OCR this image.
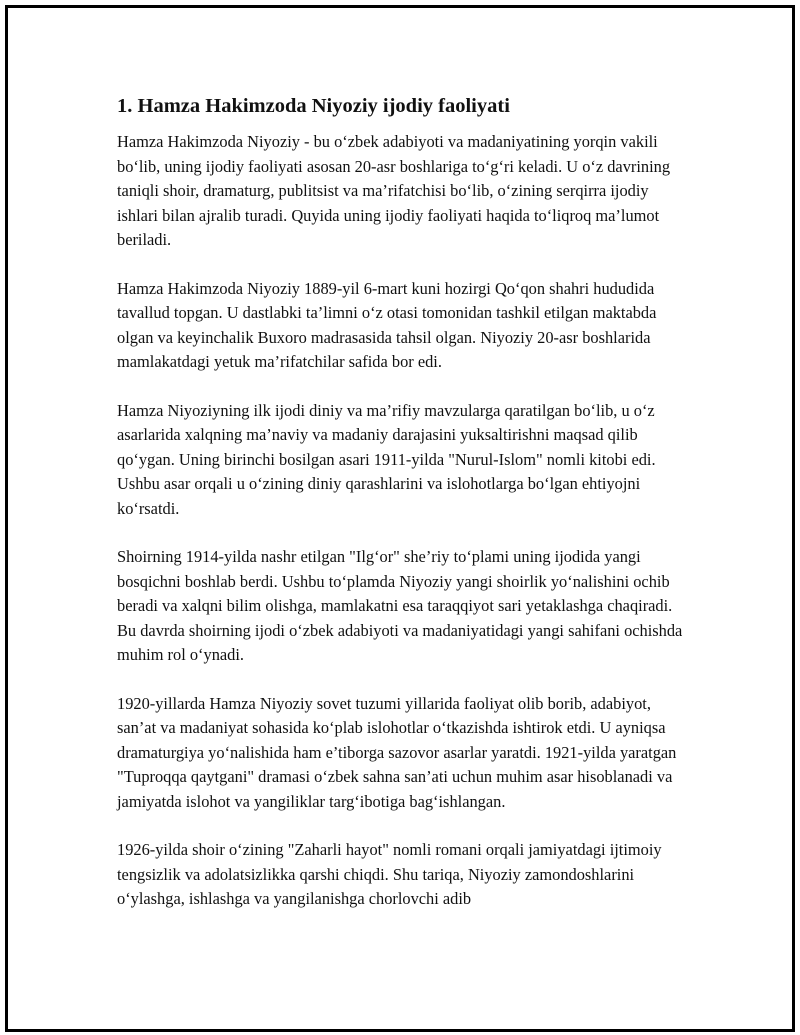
1. Hamza Hakimzoda Niyoziy ijodiy faoliyati

Hamza Hakimzoda Niyoziy - bu o‘zbek adabiyoti va madaniyatining yorqin vakili bo‘lib, uning ijodiy faoliyati asosan 20-asr boshlariga to‘g‘ri keladi. U o‘z davrining taniqli shoir, dramaturg, publitsist va ma’rifatchisi bo‘lib, o‘zining serqirra ijodiy ishlari bilan ajralib turadi. Quyida uning ijodiy faoliyati haqida to‘liqroq ma’lumot beriladi.

Hamza Hakimzoda Niyoziy 1889-yil 6-mart kuni hozirgi Qo‘qon shahri hududida tavallud topgan. U dastlabki ta’limni o‘z otasi tomonidan tashkil etilgan maktabda olgan va keyinchalik Buxoro madrasasida tahsil olgan. Niyoziy 20-asr boshlarida mamlakatdagi yetuk ma’rifatchilar safida bor edi.

Hamza Niyoziyning ilk ijodi diniy va ma’rifiy mavzularga qaratilgan bo‘lib, u o‘z asarlarida xalqning ma’naviy va madaniy darajasini yuksaltirishni maqsad qilib qo‘ygan. Uning birinchi bosilgan asari 1911-yilda "Nurul-Islom" nomli kitobi edi. Ushbu asar orqali u o‘zining diniy qarashlarini va islohotlarga bo‘lgan ehtiyojni ko‘rsatdi.

Shoirning 1914-yilda nashr etilgan "Ilg‘or" she’riy to‘plami uning ijodida yangi bosqichni boshlab berdi. Ushbu to‘plamda Niyoziy yangi shoirlik yo‘nalishini ochib beradi va xalqni bilim olishga, mamlakatni esa taraqqiyot sari yetaklashga chaqiradi. Bu davrda shoirning ijodi o‘zbek adabiyoti va madaniyatidagi yangi sahifani ochishda muhim rol o‘ynadi.

1920-yillarda Hamza Niyoziy sovet tuzumi yillarida faoliyat olib borib, adabiyot, san’at va madaniyat sohasida ko‘plab islohotlar o‘tkazishda ishtirok etdi. U ayniqsa dramaturgiya yo‘nalishida ham e’tiborga sazovor asarlar yaratdi. 1921-yilda yaratgan "Tuproqqa qaytgani" dramasi o‘zbek sahna san’ati uchun muhim asar hisoblanadi va jamiyatda islohot va yangiliklar targ‘ibotiga bag‘ishlangan.

1926-yilda shoir o‘zining "Zaharli hayot" nomli romani orqali jamiyatdagi ijtimoiy tengsizlik va adolatsizlikka qarshi chiqdi. Shu tariqa, Niyoziy zamondoshlarini o‘ylashga, ishlashga va yangilanishga chorlovchi adib
